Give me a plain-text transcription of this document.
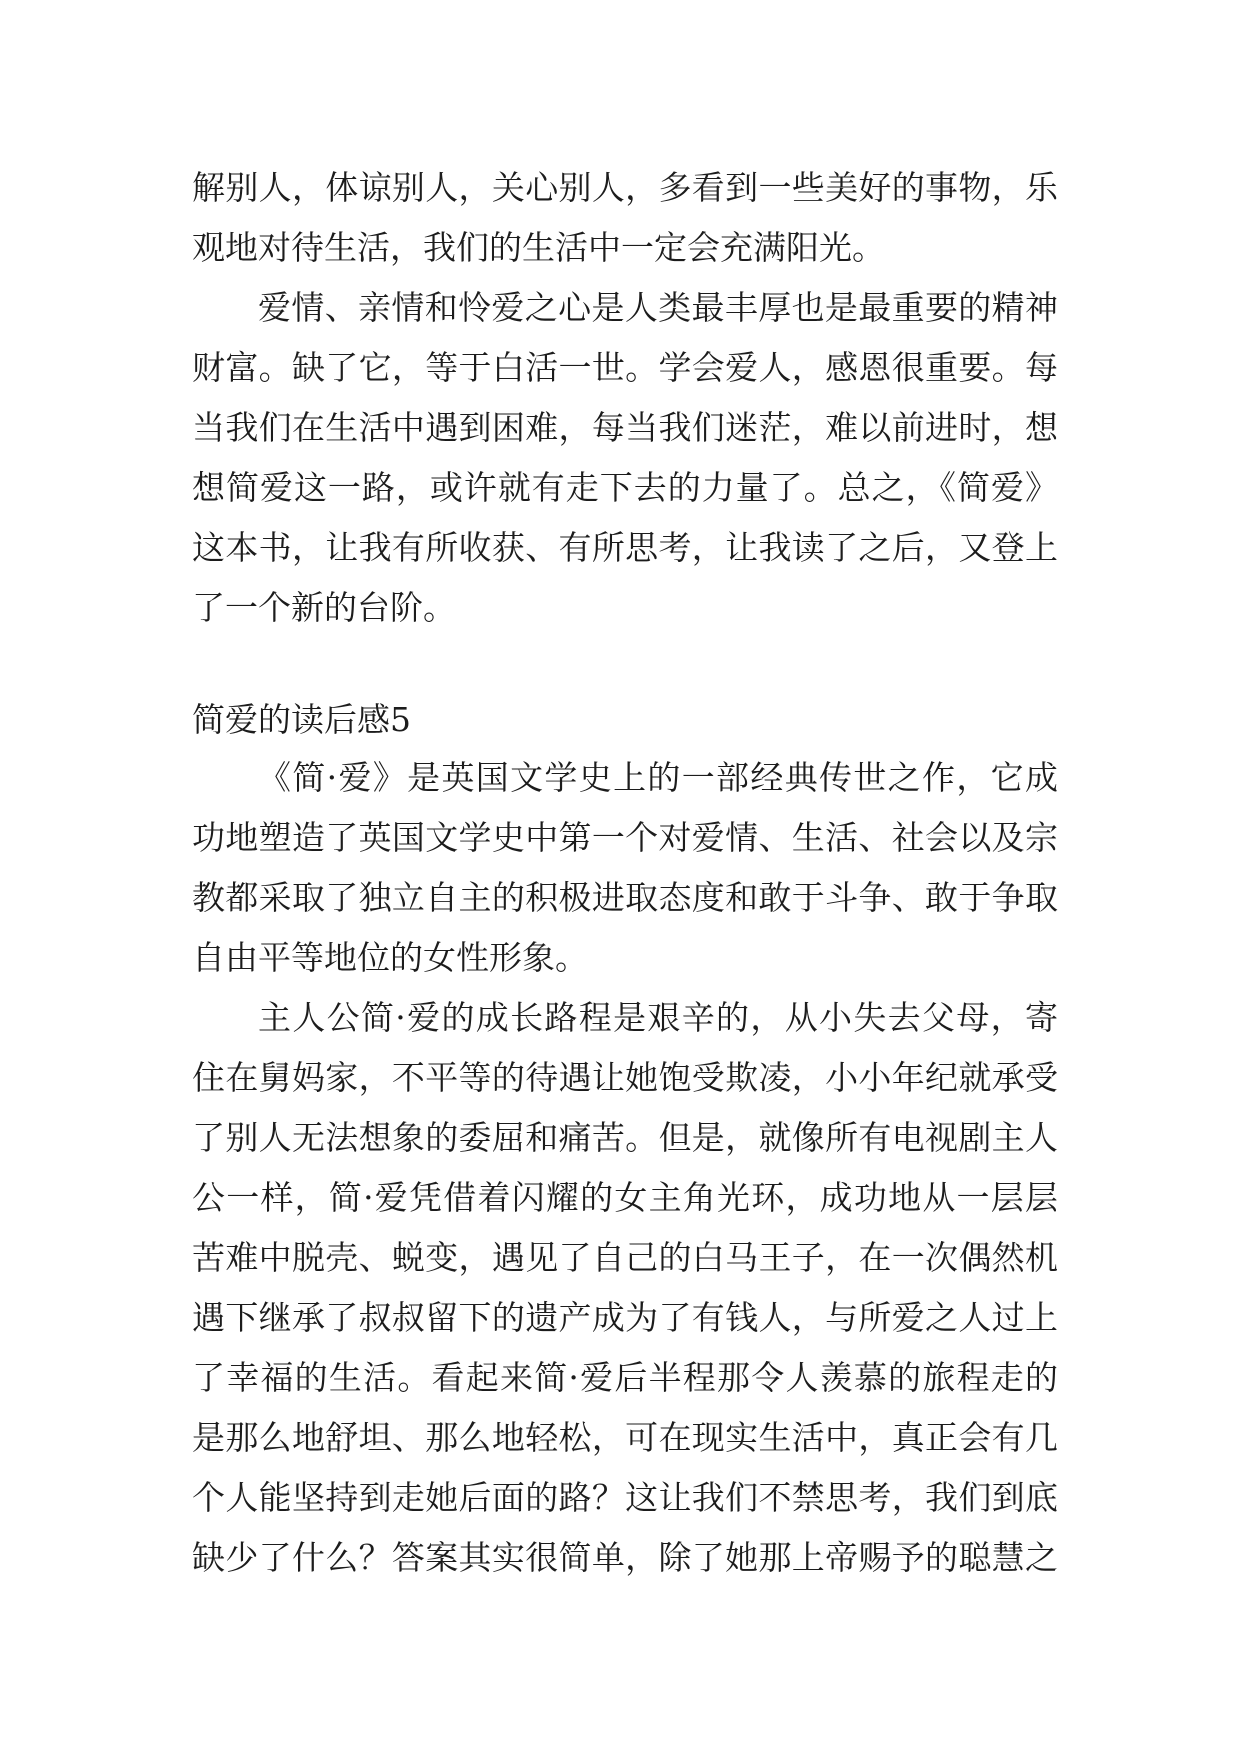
解别人，体谅别人，关心别人，多看到一些美好的事物，乐
观地对待生活，我们的生活中一定会充满阳光。
爱情、亲情和怜爱之心是人类最丰厚也是最重要的精神
财富。缺了它，等于白活一世。学会爱人，感恩很重要。每
当我们在生活中遇到困难，每当我们迷茫，难以前进时，想
想简爱这一路，或许就有走下去的力量了。总之，《简爱》
这本书，让我有所收获、有所思考，让我读了之后，又登上
了一个新的台阶。
简爱的读后感5
《简·爱》是英国文学史上的一部经典传世之作，它成
功地塑造了英国文学史中第一个对爱情、生活、社会以及宗
教都采取了独立自主的积极进取态度和敢于斗争、敢于争取
自由平等地位的女性形象。
主人公简·爱的成长路程是艰辛的，从小失去父母，寄
住在舅妈家，不平等的待遇让她饱受欺凌，小小年纪就承受
了别人无法想象的委屈和痛苦。但是，就像所有电视剧主人
公一样，简·爱凭借着闪耀的女主角光环，成功地从一层层
苦难中脱壳、蜕变，遇见了自己的白马王子，在一次偶然机
遇下继承了叔叔留下的遗产成为了有钱人，与所爱之人过上
了幸福的生活。看起来简·爱后半程那令人羡慕的旅程走的
是那么地舒坦、那么地轻松，可在现实生活中，真正会有几
个人能坚持到走她后面的路？这让我们不禁思考，我们到底
缺少了什么？答案其实很简单，除了她那上帝赐予的聪慧之
